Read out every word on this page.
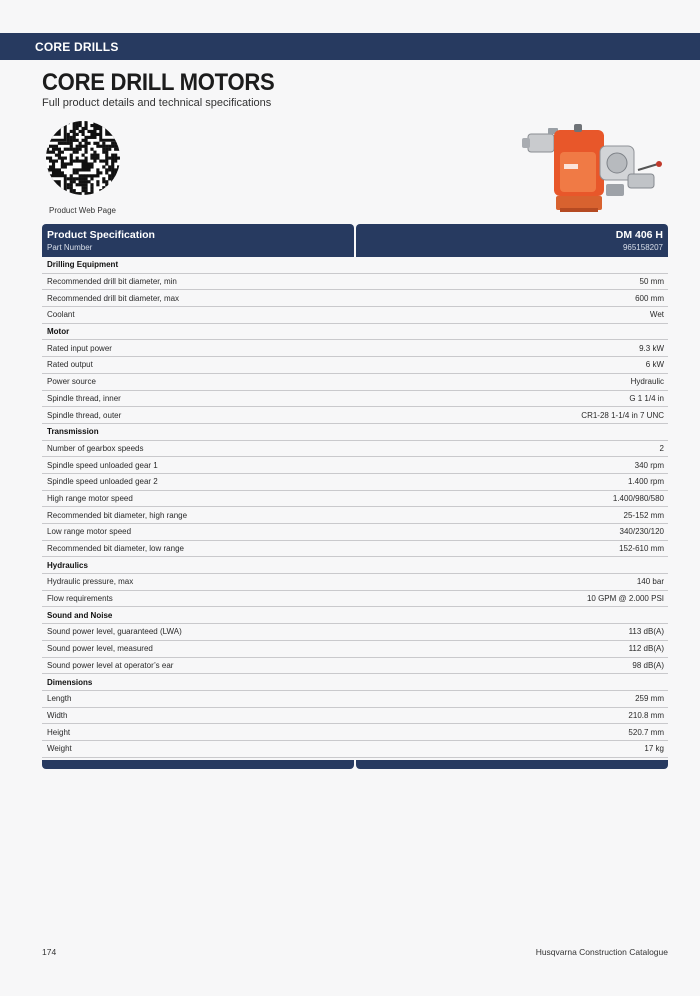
CORE DRILLS
CORE DRILL MOTORS
Full product details and technical specifications
Product Web Page
Product Specification
Part Number
DM 406 H
965158207
Drilling Equipment
Recommended drill bit diameter, min	50 mm
Recommended drill bit diameter, max	600 mm
Coolant	Wet
Motor
Rated input power	9.3 kW
Rated output	6 kW
Power source	Hydraulic
Spindle thread, inner	G 1 1/4 in
Spindle thread, outer	CR1-28 1-1/4 in 7 UNC
Transmission
Number of gearbox speeds	2
Spindle speed unloaded gear 1	340 rpm
Spindle speed unloaded gear 2	1.400 rpm
High range motor speed	1.400/980/580
Recommended bit diameter, high range	25-152 mm
Low range motor speed	340/230/120
Recommended bit diameter, low range	152-610 mm
Hydraulics
Hydraulic pressure, max	140 bar
Flow requirements	10 GPM @ 2.000 PSI
Sound and Noise
Sound power level, guaranteed (LWA)	113 dB(A)
Sound power level, measured	112 dB(A)
Sound power level at operator’s ear	98 dB(A)
Dimensions
Length	259 mm
Width	210.8 mm
Height	520.7 mm
Weight	17 kg
174	Husqvarna Construction Catalogue
